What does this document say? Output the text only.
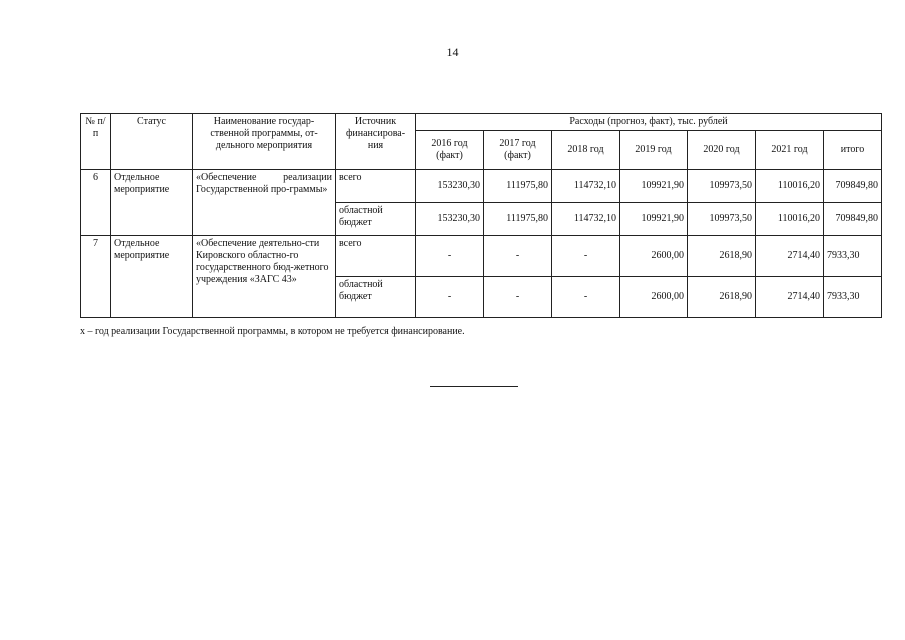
14
№ п/п	Статус	Наименование государ-ственной программы, от-дельного мероприятия	Источник финансирова-ния	Расходы (прогноз, факт), тыс. рублей						
				2016 год (факт)	2017 год (факт)	2018 год	2019 год	2020 год	2021 год	итого
6	Отдельное мероприятие	«Обеспечение реализации Государственной про-граммы»	всего	153230,30	111975,80	114732,10	109921,90	109973,50	110016,20	709849,80
			областной бюджет	153230,30	111975,80	114732,10	109921,90	109973,50	110016,20	709849,80
7	Отдельное мероприятие	«Обеспечение деятельно-сти Кировского областно-го государственного бюд-жетного учреждения «ЗАГС 43»	всего	-	-	-	2600,00	2618,90	2714,40	7933,30
			областной бюджет	-	-	-	2600,00	2618,90	2714,40	7933,30
х – год реализации Государственной программы, в котором не требуется финансирование.
